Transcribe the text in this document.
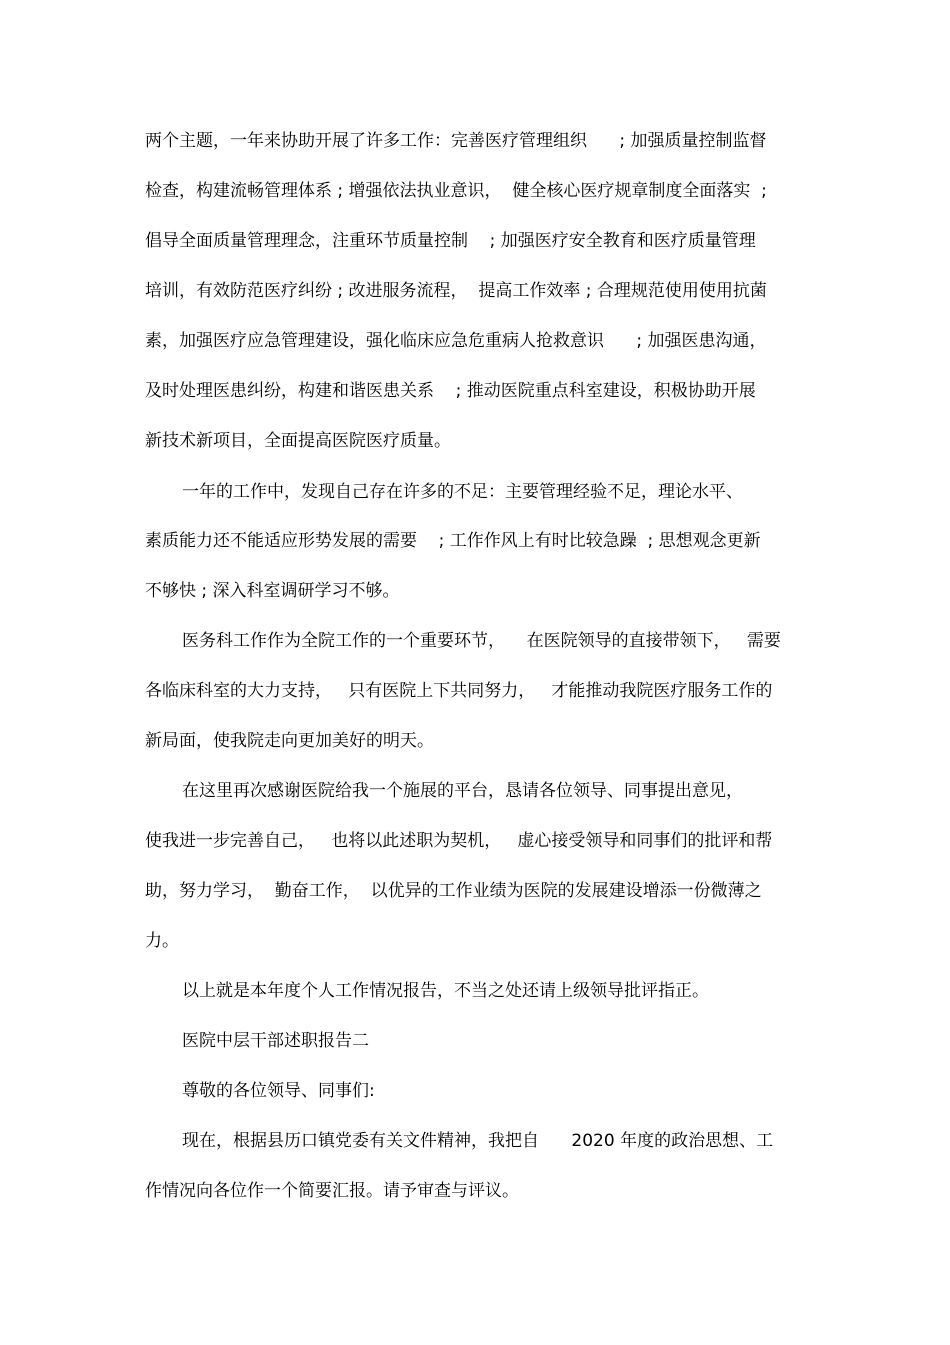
两个主题，一年来协助开展了许多工作：完善医疗管理组织      ; 加强质量控制监督
检查，构建流畅管理体系 ; 增强依法执业意识，  健全核心医疗规章制度全面落实  ;
倡导全面质量管理理念，注重环节质量控制    ; 加强医疗安全教育和医疗质量管理
培训，有效防范医疗纠纷 ; 改进服务流程，  提高工作效率 ; 合理规范使用使用抗菌
素，加强医疗应急管理建设，强化临床应急危重病人抢救意识      ; 加强医患沟通，
及时处理医患纠纷，构建和谐医患关系    ; 推动医院重点科室建设，积极协助开展
新技术新项目，全面提高医院医疗质量。
一年的工作中，发现自己存在许多的不足：主要管理经验不足，理论水平、
素质能力还不能适应形势发展的需要    ; 工作作风上有时比较急躁  ; 思想观念更新
不够快 ; 深入科室调研学习不够。
医务科工作作为全院工作的一个重要环节，    在医院领导的直接带领下，   需要
各临床科室的大力支持，   只有医院上下共同努力，   才能推动我院医疗服务工作的
新局面，使我院走向更加美好的明天。
在这里再次感谢医院给我一个施展的平台，恳请各位领导、同事提出意见，
使我进一步完善自己，   也将以此述职为契机，   虚心接受领导和同事们的批评和帮
助，努力学习，  勤奋工作，  以优异的工作业绩为医院的发展建设增添一份微薄之
力。
以上就是本年度个人工作情况报告，不当之处还请上级领导批评指正。
医院中层干部述职报告二
尊敬的各位领导、同事们:
现在，根据县历口镇党委有关文件精神，我把自      2020 年度的政治思想、工
作情况向各位作一个简要汇报。请予审查与评议。
